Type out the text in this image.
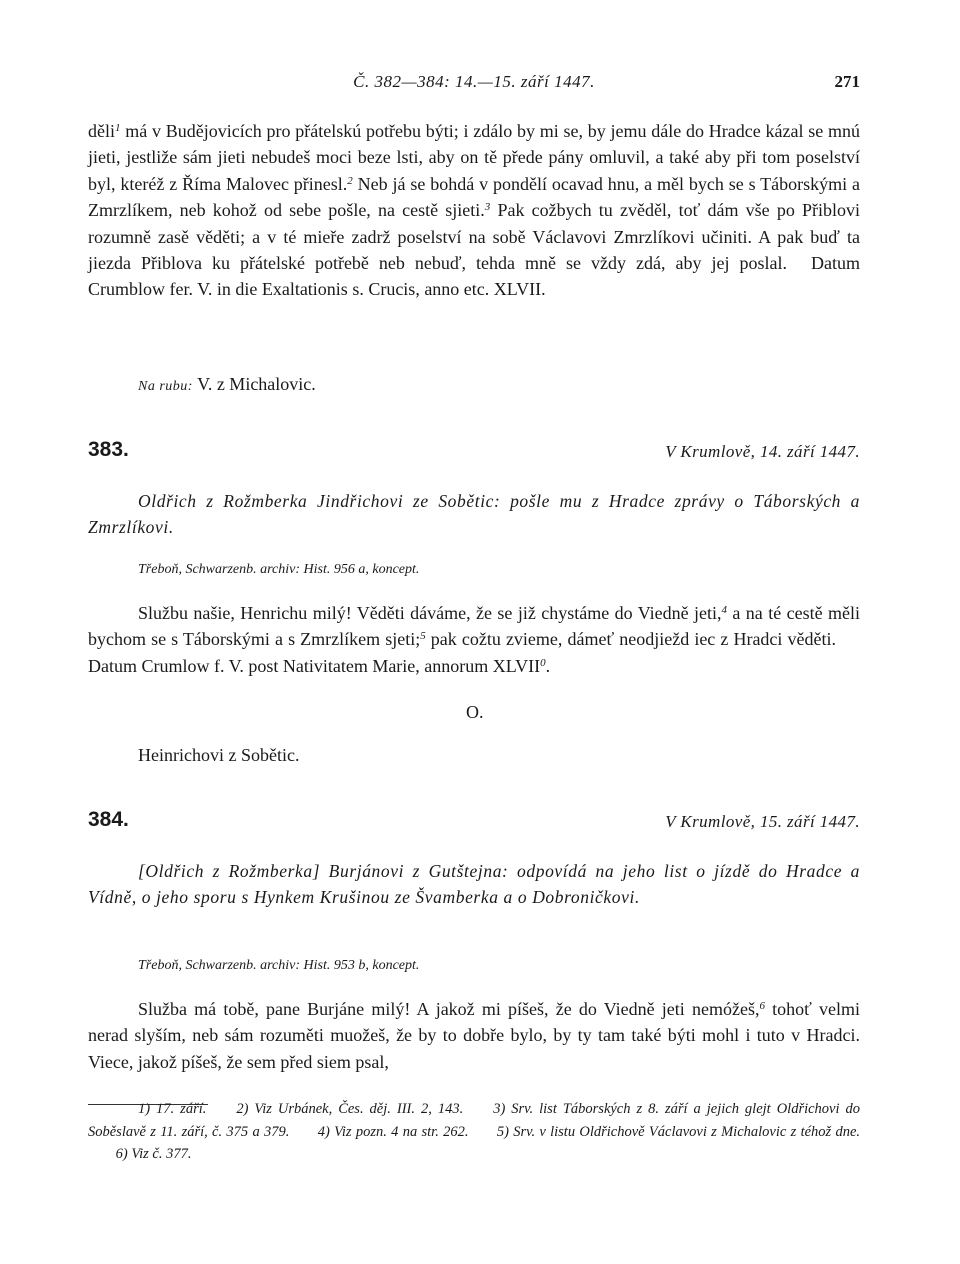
Č. 382—384: 14.—15. září 1447.	271

děli$^1$ má v Budějovicích pro přátelskú potřebu býti; i zdálo by mi se, by jemu dále do Hradce kázal se mnú jieti, jestliže sám jieti nebudeš moci beze lsti, aby on tě přede pány omluvil, a také aby při tom poselství byl, kteréž z Říma Malovec přinesl.$^2$ Neb já se bohdá v pondělí ocavad hnu, a měl bych se s Táborskými a Zmrzlíkem, neb kohož od sebe pošle, na cestě sjieti.$^3$ Pak cožbych tu zvěděl, toť dám vše po Přiblovi rozumně zasě věděti; a v té mieře zadrž poselství na sobě Václavovi Zmrzlíkovi učiniti. A pak buď ta jiezda Přiblova ku přátelské potřebě neb nebuď, tehda mně se vždy zdá, aby jej poslal. Datum Crumblow fer. V. in die Exaltationis s. Crucis, anno etc. XLVII.

Na rubu: V. z Michalovic.
383.	V Krumlově, 14. září 1447.

Oldřich z Rožmberka Jindřichovi ze Sobětic: pošle mu z Hradce zprávy o Táborských a Zmrzlíkovi.

Třeboň, Schwarzenb. archiv: Hist. 956 a, koncept.

Službu našie, Henrichu milý! Věděti dáváme, že se již chystáme do Viedně jeti,$^4$ a na té cestě měli bychom se s Táborskými a s Zmrzlíkem sjeti;$^5$ pak cožtu zvieme, dámeť neodjiežd iec z Hradci věděti.Datum Crumlow f. V. post Nativitatem Marie, annorum XLVII$^0$.

O.
Heinrichovi z Sobětic.
384.	V Krumlově, 15. září 1447.

[Oldřich z Rožmberka] Burjánovi z Gutštejna: odpovídá na jeho list o jízdě do Hradce a Vídně, o jeho sporu s Hynkem Krušinou ze Švamberka a o Dobroničkovi.

Třeboň, Schwarzenb. archiv: Hist. 953 b, koncept.

Služba má tobě, pane Burjáne milý! A jakož mi píšeš, že do Viedně jeti nemóžeš,$^6$ tohoť velmi nerad slyším, neb sám rozuměti muožeš, že by to dobře bylo, by ty tam také býti mohl i tuto v Hradci. Viece, jakož píšeš, že sem před siem psal,

1) 17. září. 2) Viz Urbánek, Čes. děj. III. 2, 143. 3) Srv. list Táborských z 8. září a jejich glejt Oldřichovi do Soběslavě z 11. září, č. 375 a 379. 4) Viz pozn. 4 na str. 262. 5) Srv. v listu Oldřichově Václavovi z Michalovic z téhož dne. 6) Viz č. 377.
